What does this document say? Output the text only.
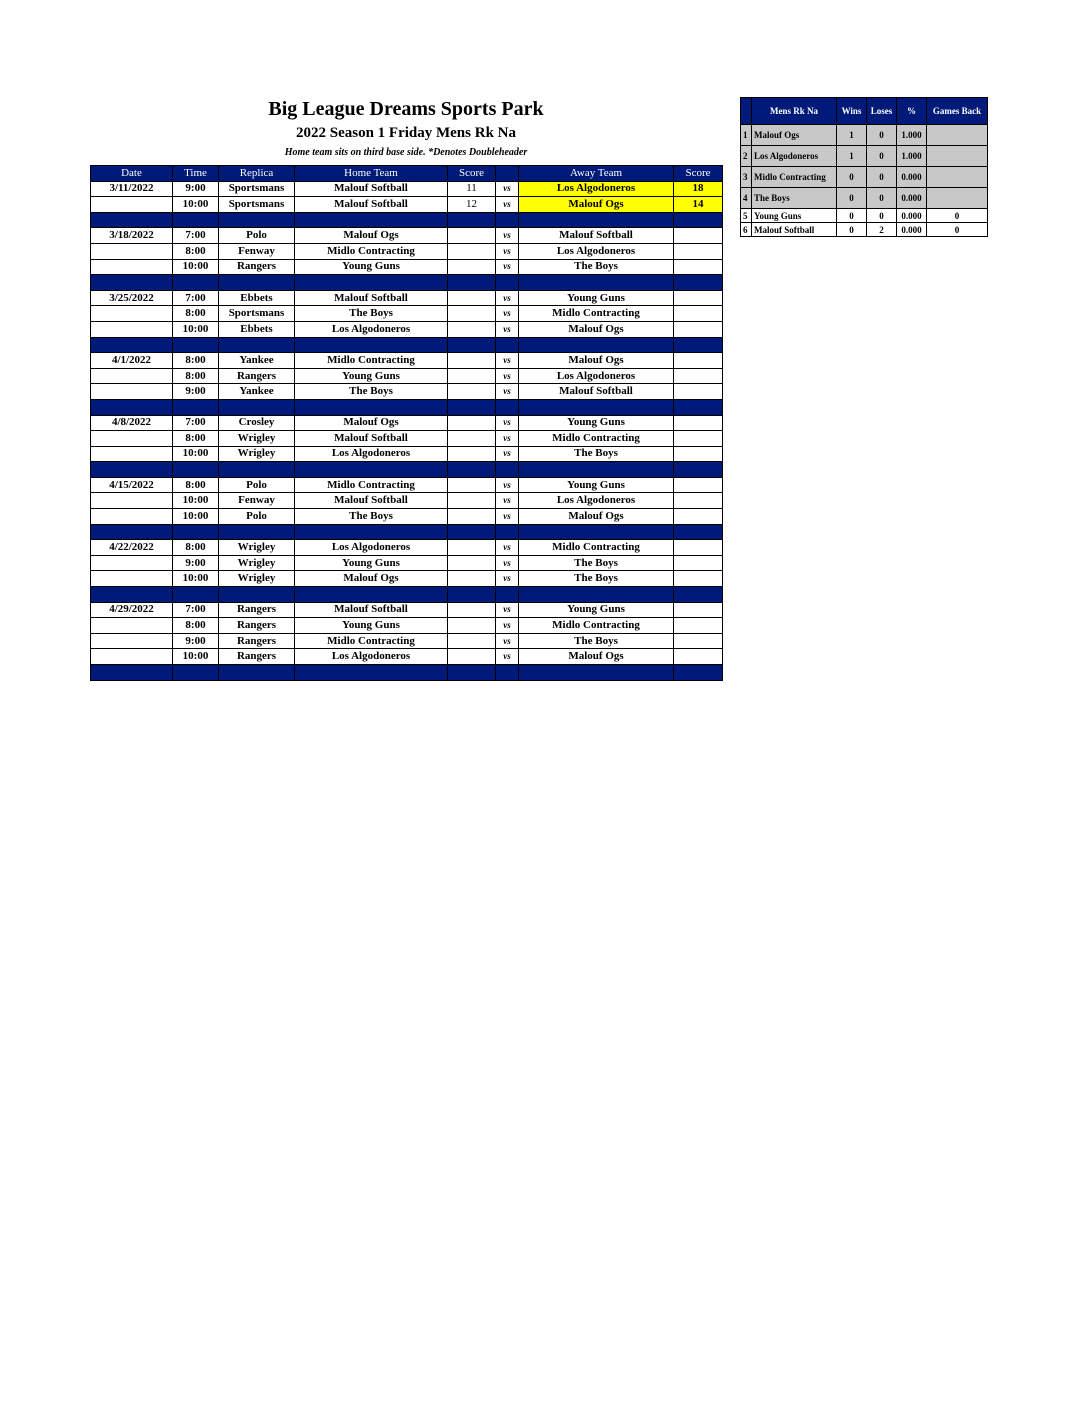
Big League Dreams Sports Park
2022 Season 1 Friday Mens Rk Na
Home team sits on third base side. *Denotes Doubleheader
Date	Time	Replica	Home Team	Score		Away Team	Score
3/11/2022	9:00	Sportsmans	Malouf Softball	11	vs	Los Algodoneros	18
	10:00	Sportsmans	Malouf Softball	12	vs	Malouf Ogs	14

3/18/2022	7:00	Polo	Malouf Ogs		vs	Malouf Softball	
	8:00	Fenway	Midlo Contracting		vs	Los Algodoneros	
	10:00	Rangers	Young Guns		vs	The Boys	

3/25/2022	7:00	Ebbets	Malouf Softball		vs	Young Guns	
	8:00	Sportsmans	The Boys		vs	Midlo Contracting	
	10:00	Ebbets	Los Algodoneros		vs	Malouf Ogs	

4/1/2022	8:00	Yankee	Midlo Contracting		vs	Malouf Ogs	
	8:00	Rangers	Young Guns		vs	Los Algodoneros	
	9:00	Yankee	The Boys		vs	Malouf Softball	

4/8/2022	7:00	Crosley	Malouf Ogs		vs	Young Guns	
	8:00	Wrigley	Malouf Softball		vs	Midlo Contracting	
	10:00	Wrigley	Los Algodoneros		vs	The Boys	

4/15/2022	8:00	Polo	Midlo Contracting		vs	Young Guns	
	10:00	Fenway	Malouf Softball		vs	Los Algodoneros	
	10:00	Polo	The Boys		vs	Malouf Ogs	

4/22/2022	8:00	Wrigley	Los Algodoneros		vs	Midlo Contracting	
	9:00	Wrigley	Young Guns		vs	The Boys	
	10:00	Wrigley	Malouf Ogs		vs	The Boys	

4/29/2022	7:00	Rangers	Malouf Softball		vs	Young Guns	
	8:00	Rangers	Young Guns		vs	Midlo Contracting	
	9:00	Rangers	Midlo Contracting		vs	The Boys	
	10:00	Rangers	Los Algodoneros		vs	Malouf Ogs	

	Mens Rk Na	Wins	Loses	%	Games Back
1	Malouf Ogs	1	0	1.000	
2	Los Algodoneros	1	0	1.000	
3	Midlo Contracting	0	0	0.000	
4	The Boys	0	0	0.000	
5	Young Guns	0	0	0.000	0
6	Malouf Softball	0	2	0.000	0
